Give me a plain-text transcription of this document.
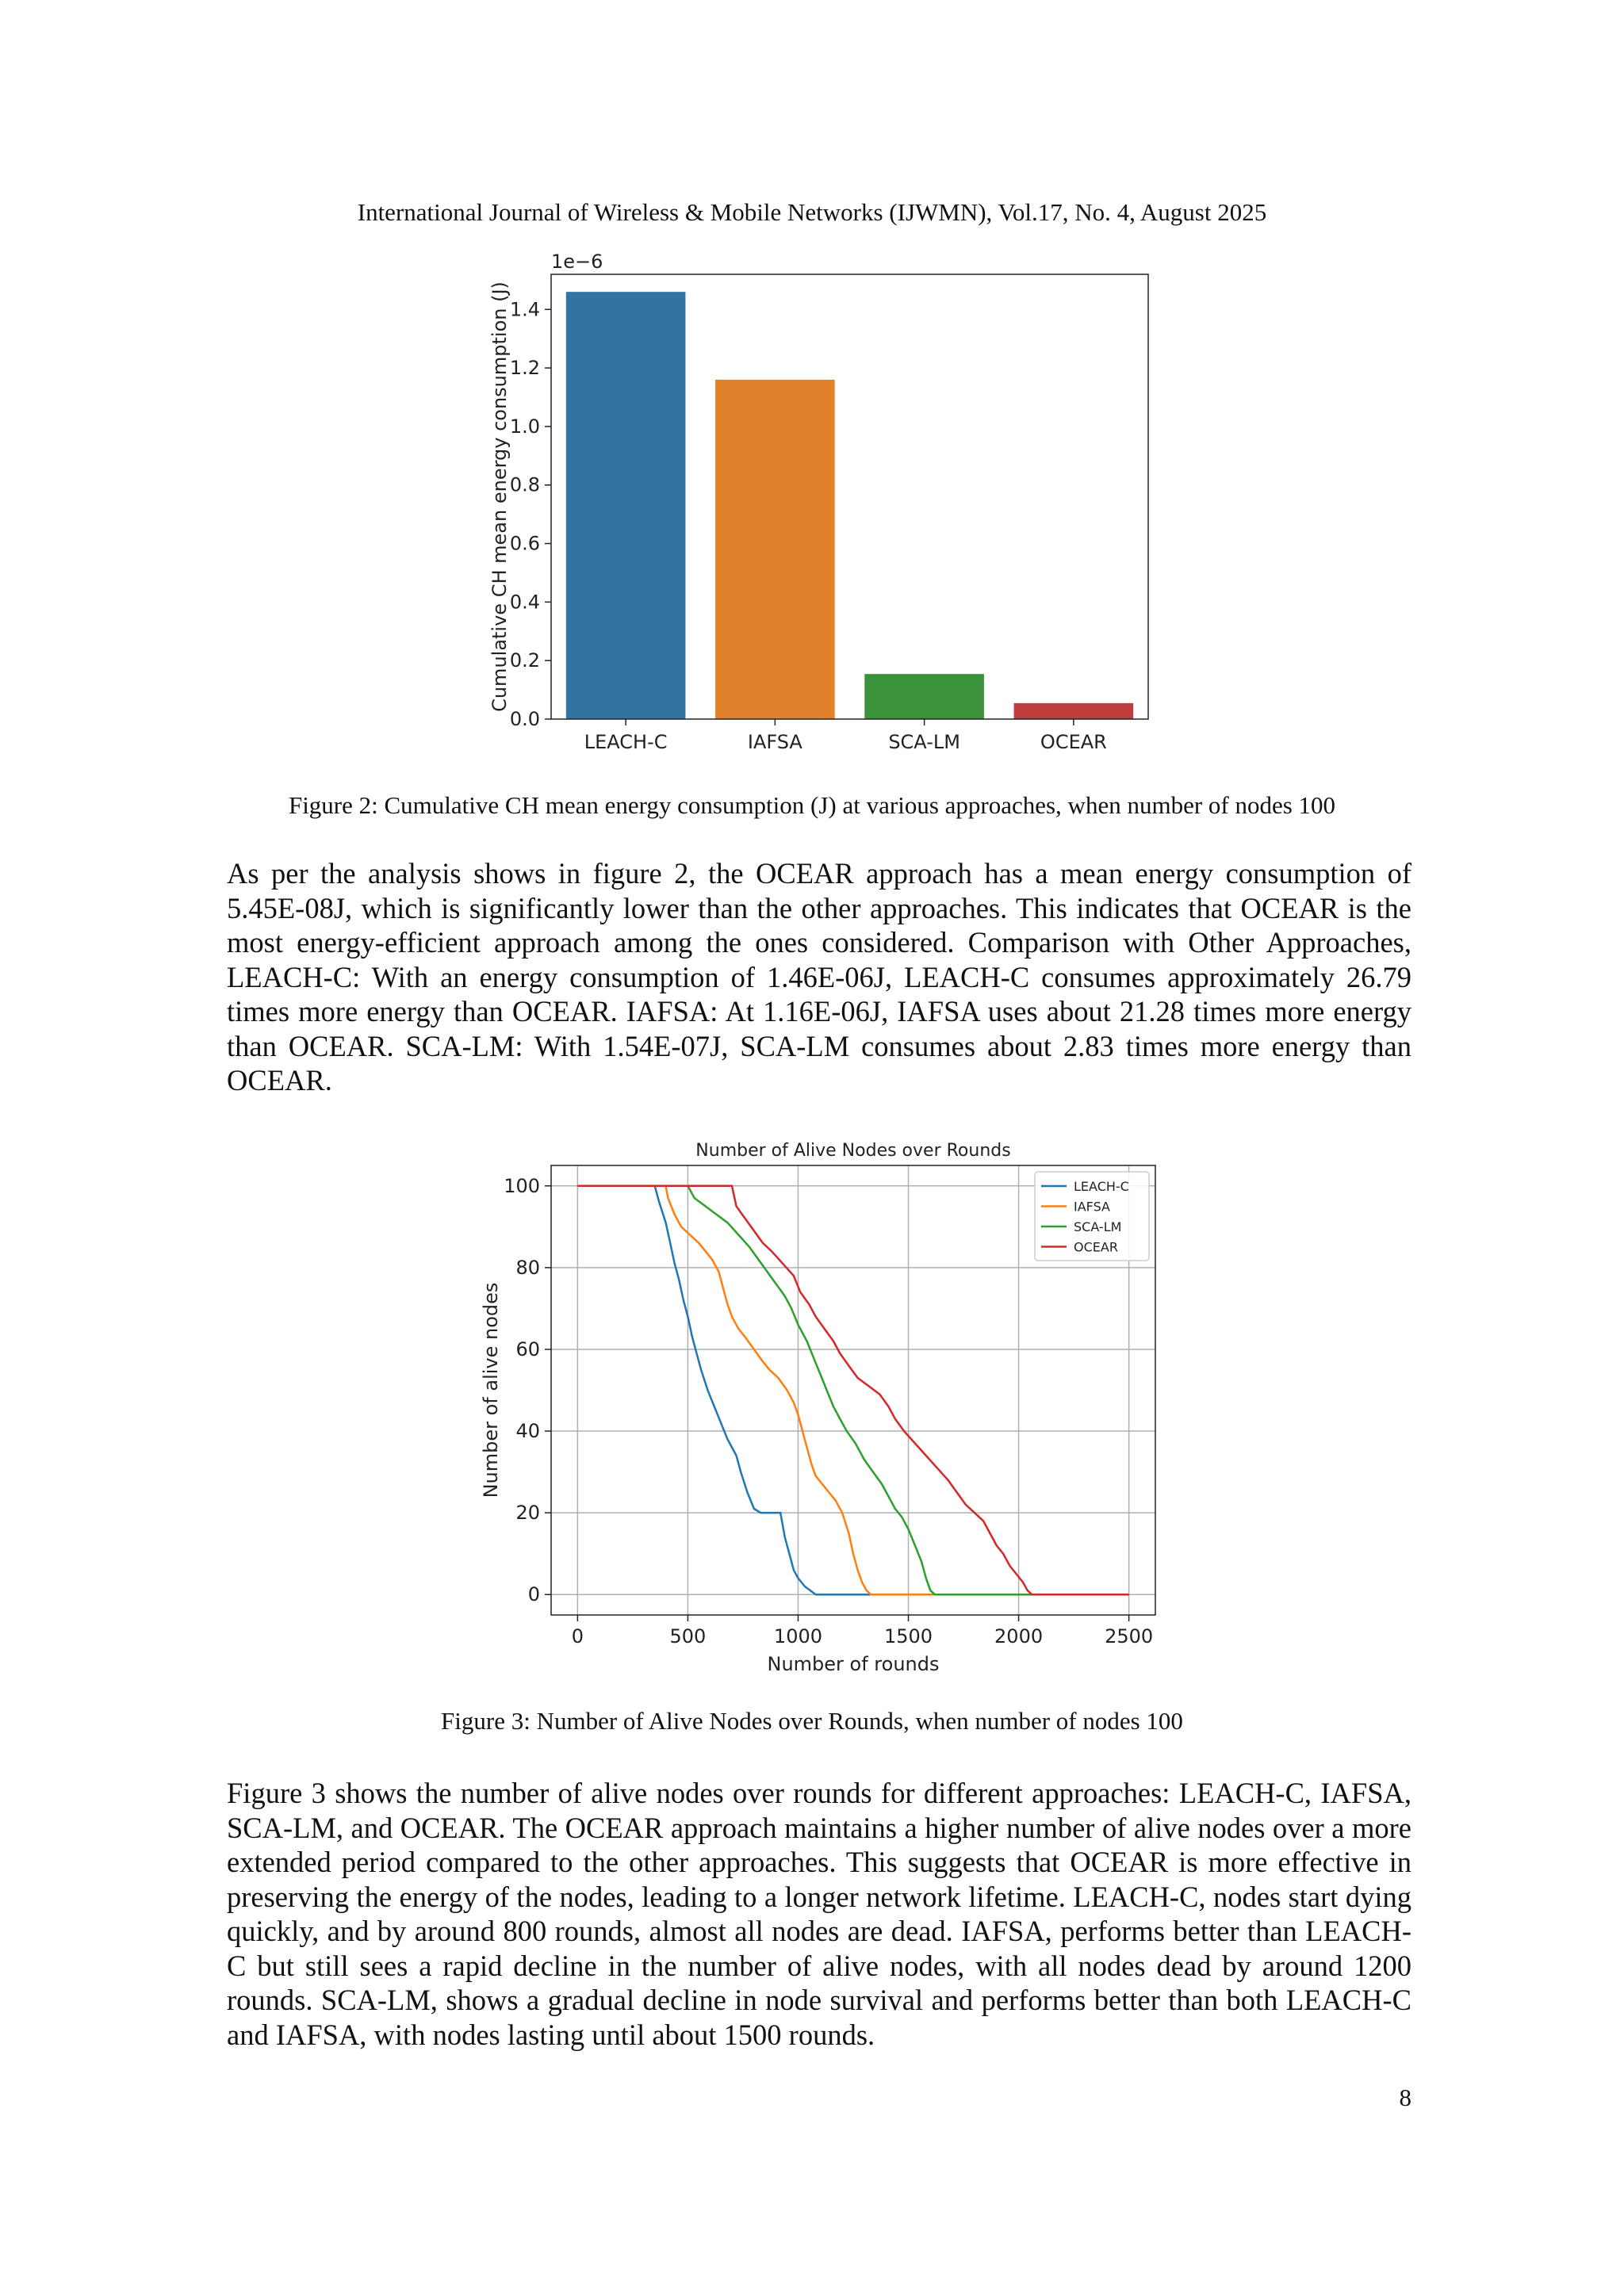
International Journal of Wireless & Mobile Networks (IJWMN), Vol.17, No. 4, August 2025
LEACH-C	IAFSA	SCA-LM	OCEAR
0.0
0.2
0.4
0.6
0.8
1.0
1.2
1.4
1e−6
Cumulative CH mean energy consumption (J)
Figure 2: Cumulative CH mean energy consumption (J) at various approaches, when number of nodes 100
As per the analysis shows in figure 2, the OCEAR approach has a mean energy consumption of 5.45E-08J, which is significantly lower than the other approaches. This indicates that OCEAR is the most energy-efficient approach among the ones considered. Comparison with Other Approaches, LEACH-C: With an energy consumption of 1.46E-06J, LEACH-C consumes approximately 26.79 times more energy than OCEAR. IAFSA: At 1.16E-06J, IAFSA uses about 21.28 times more energy than OCEAR. SCA-LM: With 1.54E-07J, SCA-LM consumes about 2.83 times more energy than OCEAR.
0	500	1000	1500	2000	2500
0
20
40
60
80
100	LEACH-C
IAFSA
SCA-LM
OCEAR
Number of Alive Nodes over Rounds
Number of rounds
Number of alive nodes
Figure 3: Number of Alive Nodes over Rounds, when number of nodes 100
Figure 3 shows the number of alive nodes over rounds for different approaches: LEACH-C, IAFSA, SCA-LM, and OCEAR. The OCEAR approach maintains a higher number of alive nodes over a more extended period compared to the other approaches. This suggests that OCEAR is more effective in preserving the energy of the nodes, leading to a longer network lifetime. LEACH-C, nodes start dying quickly, and by around 800 rounds, almost all nodes are dead. IAFSA, performs better than LEACH-C but still sees a rapid decline in the number of alive nodes, with all nodes dead by around 1200 rounds. SCA-LM, shows a gradual decline in node survival and performs better than both LEACH-C and IAFSA, with nodes lasting until about 1500 rounds.
8
